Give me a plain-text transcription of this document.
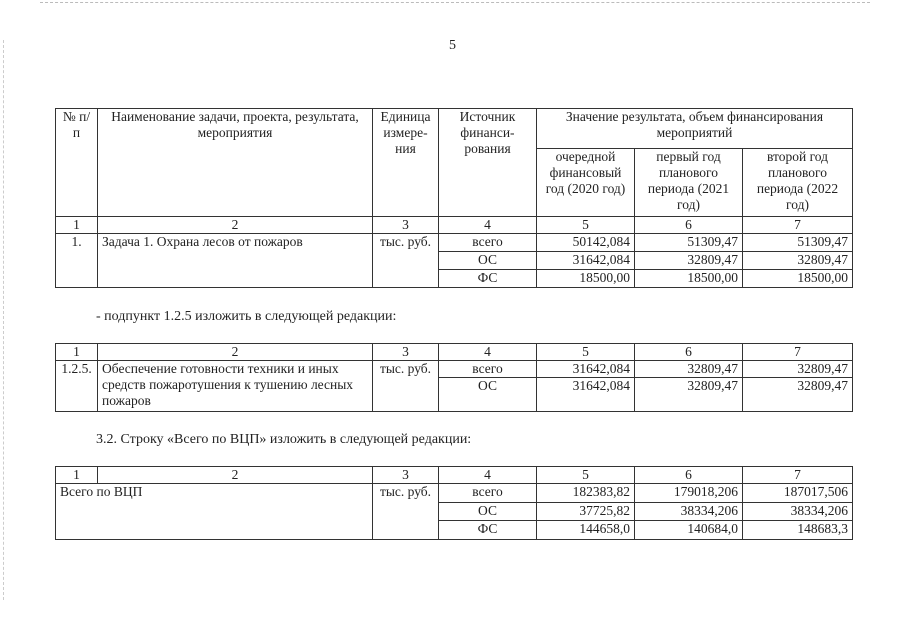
5
№ п/п	Наименование задачи, проекта, результата, мероприятия	Единица измере-ния	Источник финанси-рования	Значение результата, объем финансирования мероприятий		
				очередной финансовый год (2020 год)	первый год планового периода (2021 год)	второй год планового периода (2022 год)
1	2	3	4	5	6	7
1.	Задача 1. Охрана лесов от пожаров	тыс. руб.	всего	50142,084	51309,47	51309,47
			ОС	31642,084	32809,47	32809,47
			ФС	18500,00	18500,00	18500,00
- подпункт 1.2.5 изложить в следующей редакции:
1	2	3	4	5	6	7
1.2.5.	Обеспечение готовности техники и иных средств пожаротушения к тушению лесных пожаров	тыс. руб.	всего	31642,084	32809,47	32809,47
			ОС	31642,084	32809,47	32809,47
3.2. Строку «Всего по ВЦП» изложить в следующей редакции:
1	2	3	4	5	6	7
Всего по ВЦП		тыс. руб.	всего	182383,82	179018,206	187017,506
			ОС	37725,82	38334,206	38334,206
			ФС	144658,0	140684,0	148683,3
